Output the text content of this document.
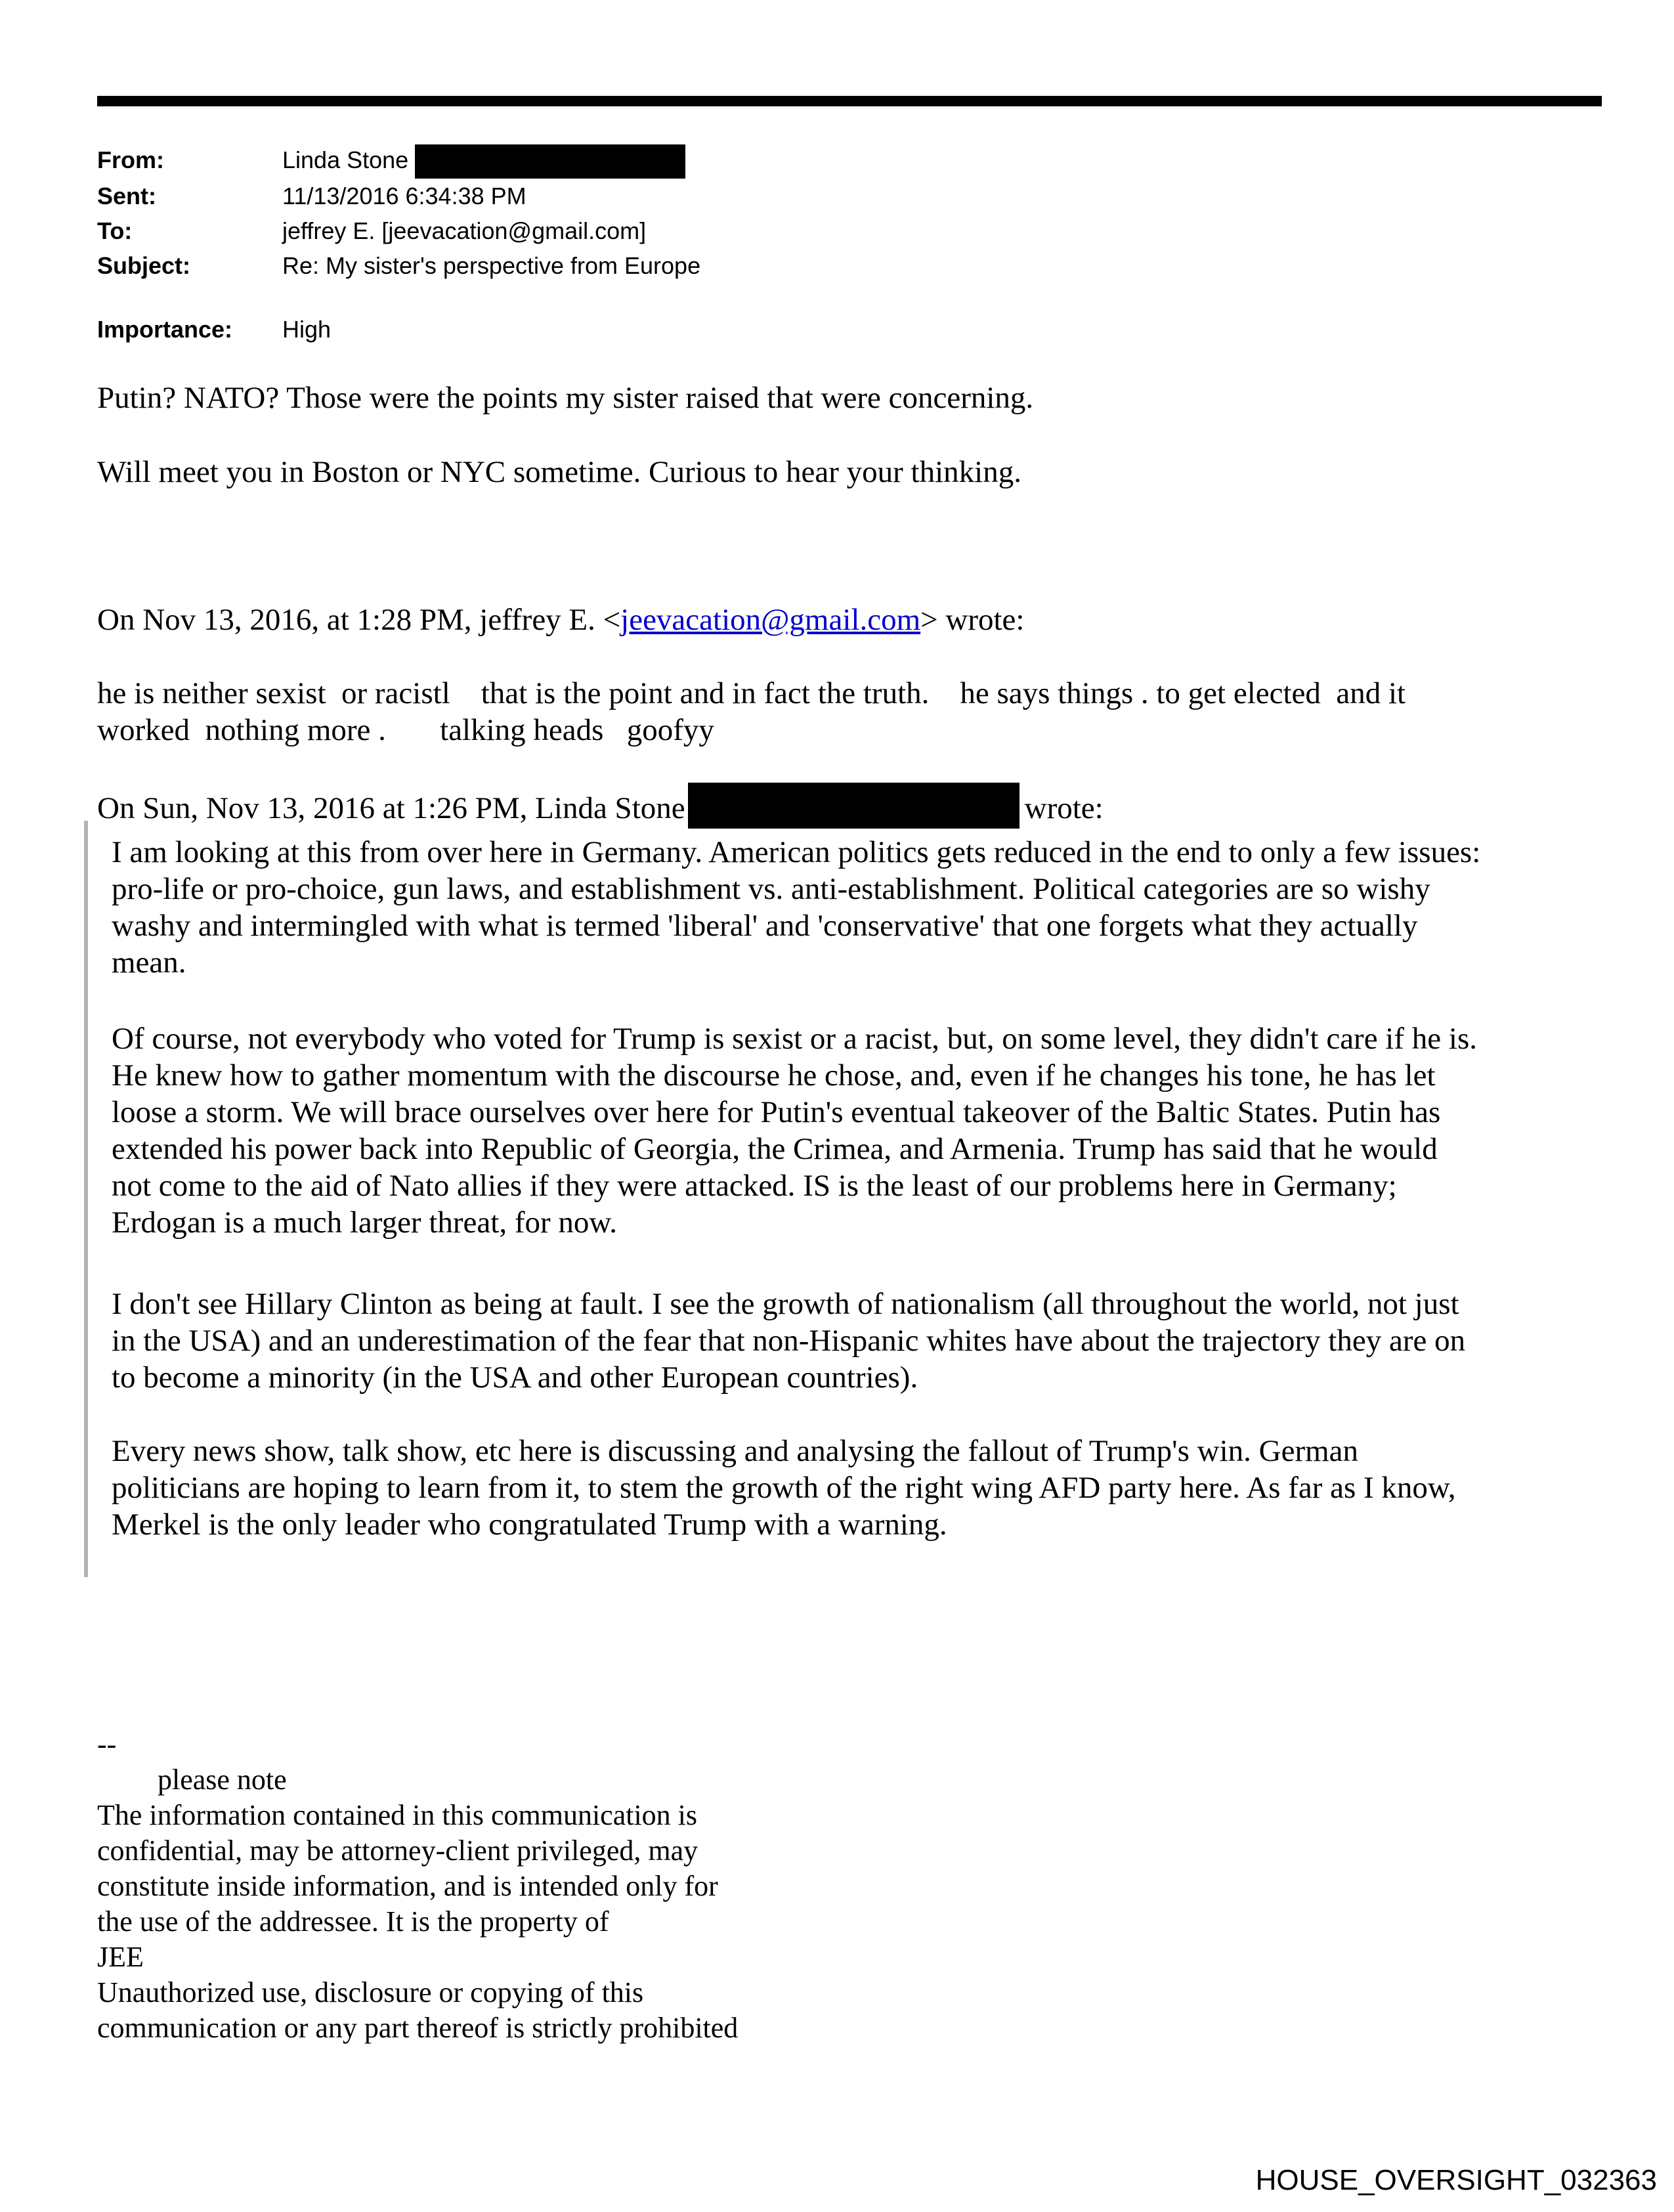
From:	Linda Stone
Sent:	11/13/2016 6:34:38 PM
To:	jeffrey E. [jeevacation@gmail.com]
Subject:	Re: My sister's perspective from Europe
Importance:	High
Putin? NATO? Those were the points my sister raised that were concerning.
Will meet you in Boston or NYC sometime. Curious to hear your thinking.
On Nov 13, 2016, at 1:28 PM, jeffrey E. <jeevacation@gmail.com> wrote:
he is neither sexist  or racistl    that is the point and in fact the truth.    he says things . to get elected  and it
worked  nothing more .       talking heads   goofyy
On Sun, Nov 13, 2016 at 1:26 PM, Linda Stone	wrote:
I am looking at this from over here in Germany. American politics gets reduced in the end to only a few issues:
pro-life or pro-choice, gun laws, and establishment vs. anti-establishment. Political categories are so wishy
washy and intermingled with what is termed 'liberal' and 'conservative' that one forgets what they actually
mean.
Of course, not everybody who voted for Trump is sexist or a racist, but, on some level, they didn't care if he is.
He knew how to gather momentum with the discourse he chose, and, even if he changes his tone, he has let
loose a storm. We will brace ourselves over here for Putin's eventual takeover of the Baltic States. Putin has
extended his power back into Republic of Georgia, the Crimea, and Armenia. Trump has said that he would
not come to the aid of Nato allies if they were attacked. IS is the least of our problems here in Germany;
Erdogan is a much larger threat, for now.
I don't see Hillary Clinton as being at fault. I see the growth of nationalism (all throughout the world, not just
in the USA) and an underestimation of the fear that non-Hispanic whites have about the trajectory they are on
to become a minority (in the USA and other European countries).
Every news show, talk show, etc here is discussing and analysing the fallout of Trump's win. German
politicians are hoping to learn from it, to stem the growth of the right wing AFD party here. As far as I know,
Merkel is the only leader who congratulated Trump with a warning.
--
please note
The information contained in this communication is
confidential, may be attorney-client privileged, may
constitute inside information, and is intended only for
the use of the addressee. It is the property of
JEE
Unauthorized use, disclosure or copying of this
communication or any part thereof is strictly prohibited
HOUSE_OVERSIGHT_032363
